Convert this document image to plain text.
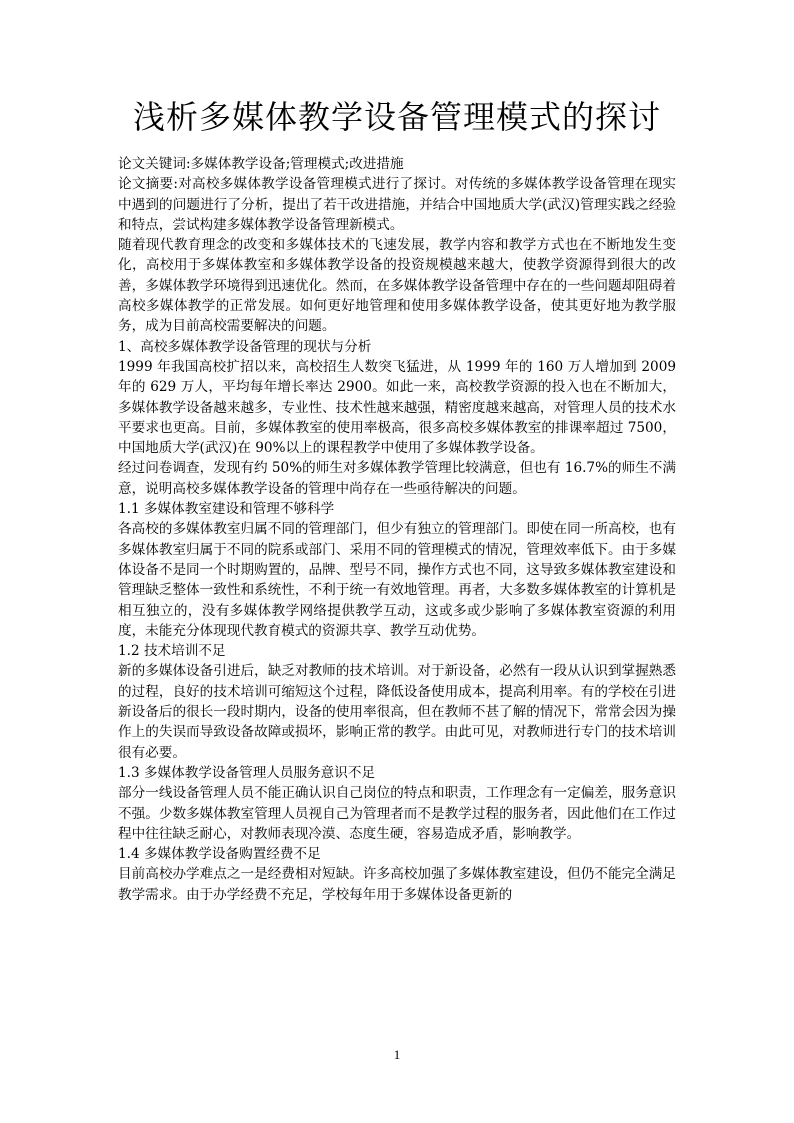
浅析多媒体教学设备管理模式的探讨

论文关键词:多媒体教学设备;管理模式;改进措施

论文摘要:对高校多媒体教学设备管理模式进行了探讨。对传统的多媒体教学设备管理在现实中遇到的问题进行了分析，提出了若干改进措施，并结合中国地质大学(武汉)管理实践之经验和特点，尝试构建多媒体教学设备管理新模式。

随着现代教育理念的改变和多媒体技术的飞速发展，教学内容和教学方式也在不断地发生变化，高校用于多媒体教室和多媒体教学设备的投资规模越来越大，使教学资源得到很大的改善，多媒体教学环境得到迅速优化。然而，在多媒体教学设备管理中存在的一些问题却阻碍着高校多媒体教学的正常发展。如何更好地管理和使用多媒体教学设备，使其更好地为教学服务，成为目前高校需要解决的问题。

1、高校多媒体教学设备管理的现状与分析

1999 年我国高校扩招以来，高校招生人数突飞猛进，从 1999 年的 160 万人增加到 2009 年的 629 万人，平均每年增长率达 2900。如此一来，高校教学资源的投入也在不断加大，多媒体教学设备越来越多，专业性、技术性越来越强，精密度越来越高，对管理人员的技术水平要求也更高。目前，多媒体教室的使用率极高，很多高校多媒体教室的排课率超过 7500，中国地质大学(武汉)在 90%以上的课程教学中使用了多媒体教学设备。

经过问卷调查，发现有约 50%的师生对多媒体教学管理比较满意，但也有 16.7%的师生不满意，说明高校多媒体教学设备的管理中尚存在一些亟待解决的问题。

1.1 多媒体教室建设和管理不够科学

各高校的多媒体教室归属不同的管理部门，但少有独立的管理部门。即使在同一所高校，也有多媒体教室归属于不同的院系或部门、采用不同的管理模式的情况，管理效率低下。由于多媒体设备不是同一个时期购置的，品牌、型号不同，操作方式也不同，这导致多媒体教室建设和管理缺乏整体一致性和系统性，不利于统一有效地管理。再者，大多数多媒体教室的计算机是相互独立的，没有多媒体教学网络提供教学互动，这或多或少影响了多媒体教室资源的利用度，未能充分体现现代教育模式的资源共享、教学互动优势。

1.2 技术培训不足

新的多媒体设备引进后，缺乏对教师的技术培训。对于新设备，必然有一段从认识到掌握熟悉的过程，良好的技术培训可缩短这个过程，降低设备使用成本，提高利用率。有的学校在引进新设备后的很长一段时期内，设备的使用率很高，但在教师不甚了解的情况下，常常会因为操作上的失误而导致设备故障或损坏，影响正常的教学。由此可见，对教师进行专门的技术培训很有必要。

1.3 多媒体教学设备管理人员服务意识不足

部分一线设备管理人员不能正确认识自己岗位的特点和职责，工作理念有一定偏差，服务意识不强。少数多媒体教室管理人员视自己为管理者而不是教学过程的服务者，因此他们在工作过程中往往缺乏耐心，对教师表现冷漠、态度生硬，容易造成矛盾，影响教学。

1.4 多媒体教学设备购置经费不足

目前高校办学难点之一是经费相对短缺。许多高校加强了多媒体教室建设，但仍不能完全满足教学需求。由于办学经费不充足，学校每年用于多媒体设备更新的

1
